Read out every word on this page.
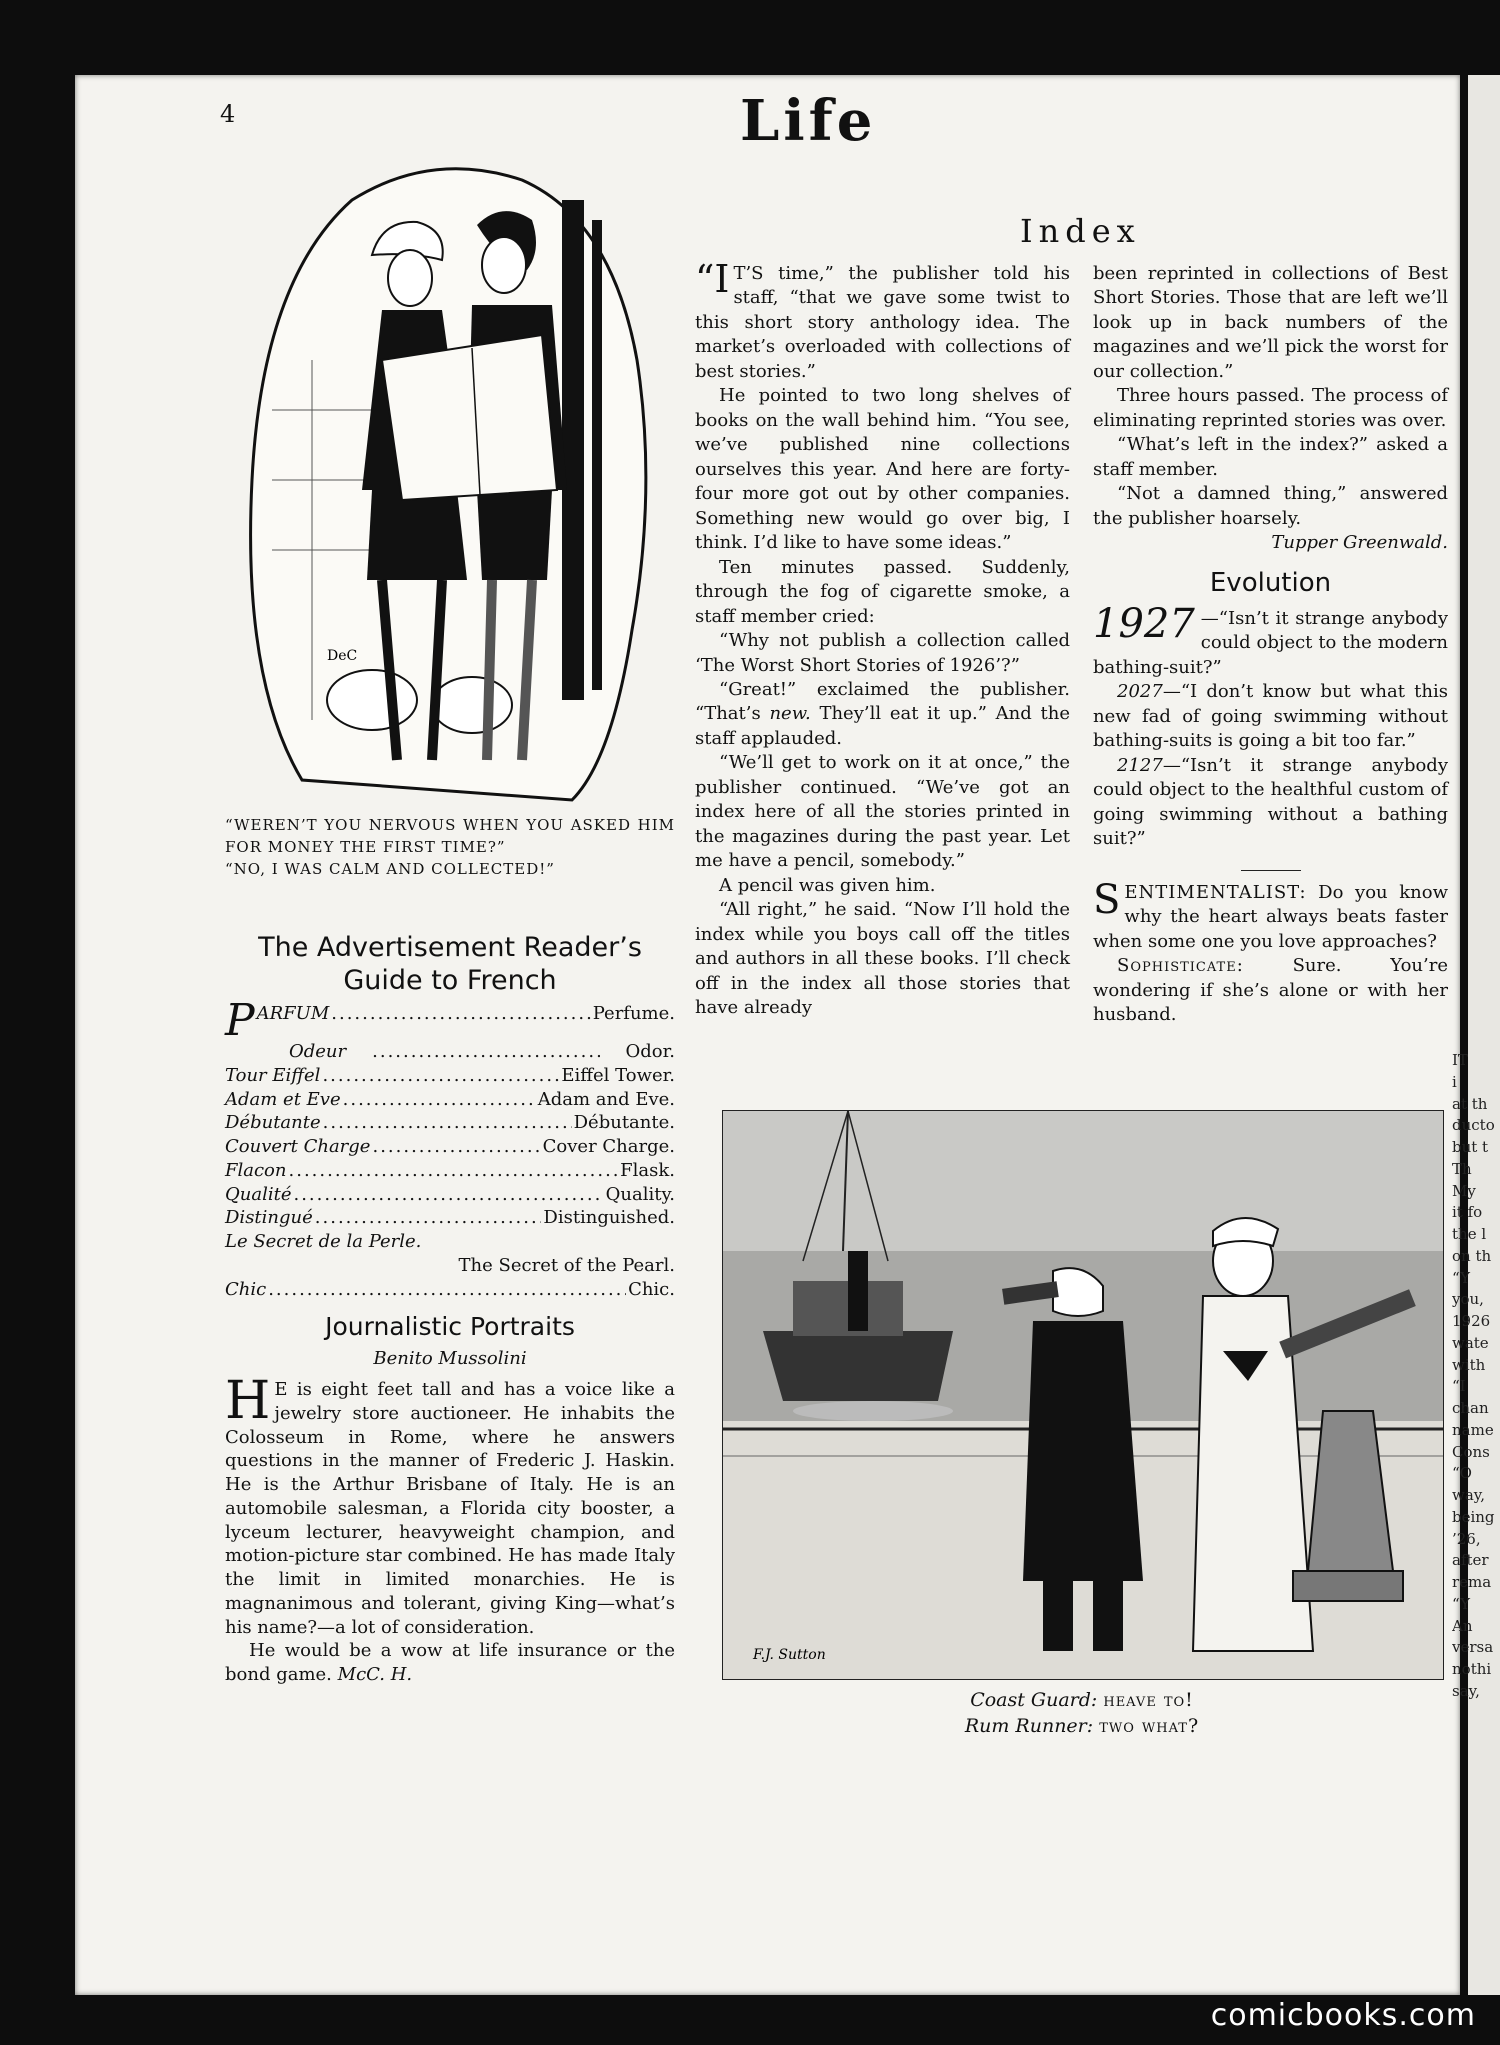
IT
i
at th
ducto
but t
Th
My
it fo
the l
on th
“Y
you,
1926
wate
with
“I
chan
name
Cons
“O
way,
being
’26,
after
rema
“Y
An
versa
nothi
say,
4	Life
DeC

“WEREN’T YOU NERVOUS WHEN YOU ASKED HIM FOR MONEY THE FIRST TIME?”

“NO, I WAS CALM AND COLLECTED!”

The Advertisement Reader’s Guide to French
P ARFUM .....	Perfume.
Odeur .....	Odor.
Tour Eiffel .....	Eiffel Tower.
Adam et Eve .....	Adam and Eve.
Débutante .....	Débutante.
Couvert Charge .....	Cover Charge.
Flacon .....	Flask.
Qualité .....	Quality.
Distingué .....	Distinguished.
Le Secret de la Perle.
The Secret of the Pearl.
Chic .....	Chic.
Journalistic Portraits
Benito Mussolini

H E is eight feet tall and has a voice like a jewelry store auctioneer. He inhabits the Colosseum in Rome, where he answers questions in the manner of Frederic J. Haskin. He is the Arthur Brisbane of Italy. He is an automobile salesman, a Florida city booster, a lyceum lecturer, heavyweight champion, and motion-picture star combined. He has made Italy the limit in limited monarchies. He is magnanimous and tolerant, giving King—what’s his name?—a lot of consideration.

He would be a wow at life insurance or the bond game. McC. H.

Index

“I T’S time,” the publisher told his staff, “that we gave some twist to this short story anthology idea. The market’s overloaded with collections of best stories.”

He pointed to two long shelves of books on the wall behind him. “You see, we’ve published nine collections ourselves this year. And here are forty-four more got out by other companies. Something new would go over big, I think. I’d like to have some ideas.”

Ten minutes passed. Suddenly, through the fog of cigarette smoke, a staff member cried:

“Why not publish a collection called ‘The Worst Short Stories of 1926’?”

“Great!” exclaimed the publisher. “That’s new. They’ll eat it up.” And the staff applauded.

“We’ll get to work on it at once,” the publisher continued. “We’ve got an index here of all the stories printed in the magazines during the past year. Let me have a pencil, somebody.”

A pencil was given him.

“All right,” he said. “Now I’ll hold the index while you boys call off the titles and authors in all these books. I’ll check off in the index all those stories that have already

been reprinted in collections of Best Short Stories. Those that are left we’ll look up in back numbers of the magazines and we’ll pick the worst for our collection.”

Three hours passed. The process of eliminating reprinted stories was over.

“What’s left in the index?” asked a staff member.

“Not a damned thing,” answered the publisher hoarsely.

Tupper Greenwald.

Evolution

1927 —“Isn’t it strange anybody could object to the modern bathing-suit?”

2027—“I don’t know but what this new fad of going swimming without bathing-suits is going a bit too far.”

2127—“Isn’t it strange anybody could object to the healthful custom of going swimming without a bathing suit?”

SENTIMENTALIST: Do you know why the heart always beats faster when some one you love approaches?

Sophisticate: Sure. You’re wondering if she’s alone or with her husband.

F.J. Sutton

Coast Guard: heave to!

Rum Runner: two what?

comicbooks.com
